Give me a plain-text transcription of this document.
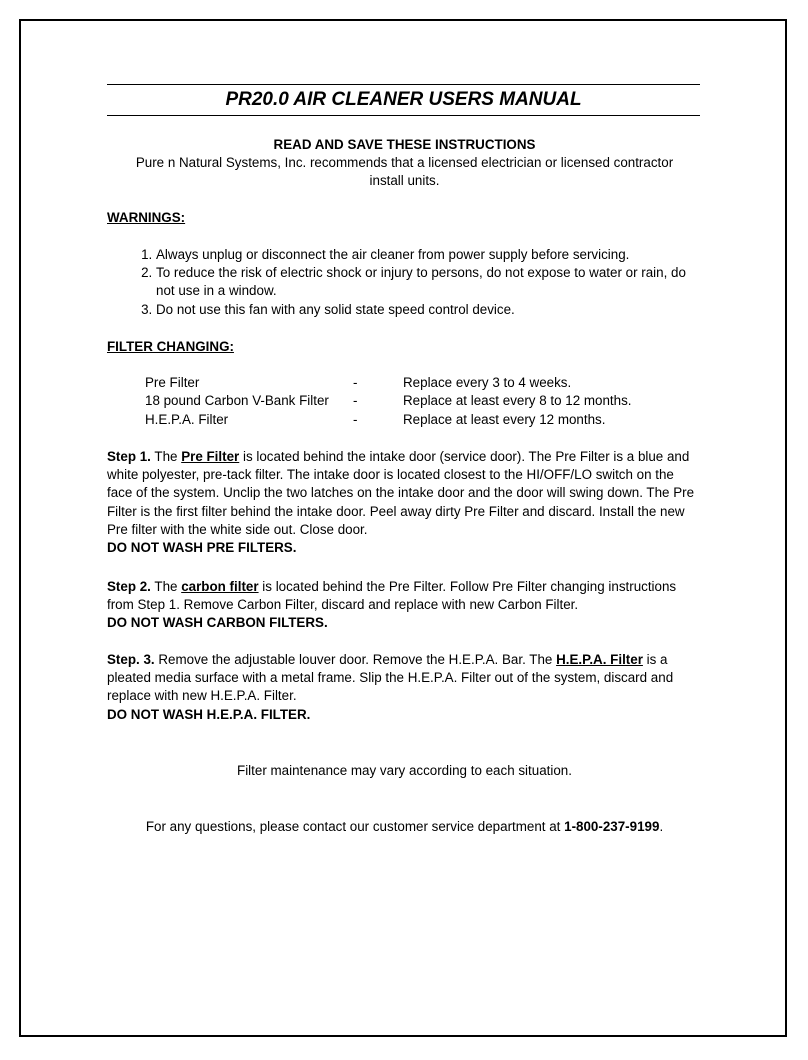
PR20.0 AIR CLEANER USERS MANUAL
READ AND SAVE THESE INSTRUCTIONS
Pure n Natural Systems, Inc. recommends that a licensed electrician or licensed contractor
install units.
WARNINGS:
1. Always unplug or disconnect the air cleaner from power supply before servicing.
2. To reduce the risk of electric shock or injury to persons, do not expose to water or rain, do not use in a window.
3. Do not use this fan with any solid state speed control device.
FILTER CHANGING:
Pre Filter	-	Replace every 3 to 4 weeks.
18 pound Carbon V-Bank Filter -	Replace at least every 8 to 12 months.
H.E.P.A. Filter	-	Replace at least every 12 months.
Step 1. The Pre Filter is located behind the intake door (service door). The Pre Filter is a blue and white polyester, pre-tack filter. The intake door is located closest to the HI/OFF/LO switch on the face of the system. Unclip the two latches on the intake door and the door will swing down. The Pre Filter is the first filter behind the intake door. Peel away dirty Pre Filter and discard. Install the new Pre filter with the white side out. Close door.
DO NOT WASH PRE FILTERS.
Step 2. The carbon filter is located behind the Pre Filter. Follow Pre Filter changing instructions from Step 1. Remove Carbon Filter, discard and replace with new Carbon Filter.
DO NOT WASH CARBON FILTERS.
Step. 3. Remove the adjustable louver door. Remove the H.E.P.A. Bar. The H.E.P.A. Filter is a pleated media surface with a metal frame. Slip the H.E.P.A. Filter out of the system, discard and replace with new H.E.P.A. Filter.
DO NOT WASH H.E.P.A. FILTER.
Filter maintenance may vary according to each situation.
For any questions, please contact our customer service department at 1-800-237-9199.
